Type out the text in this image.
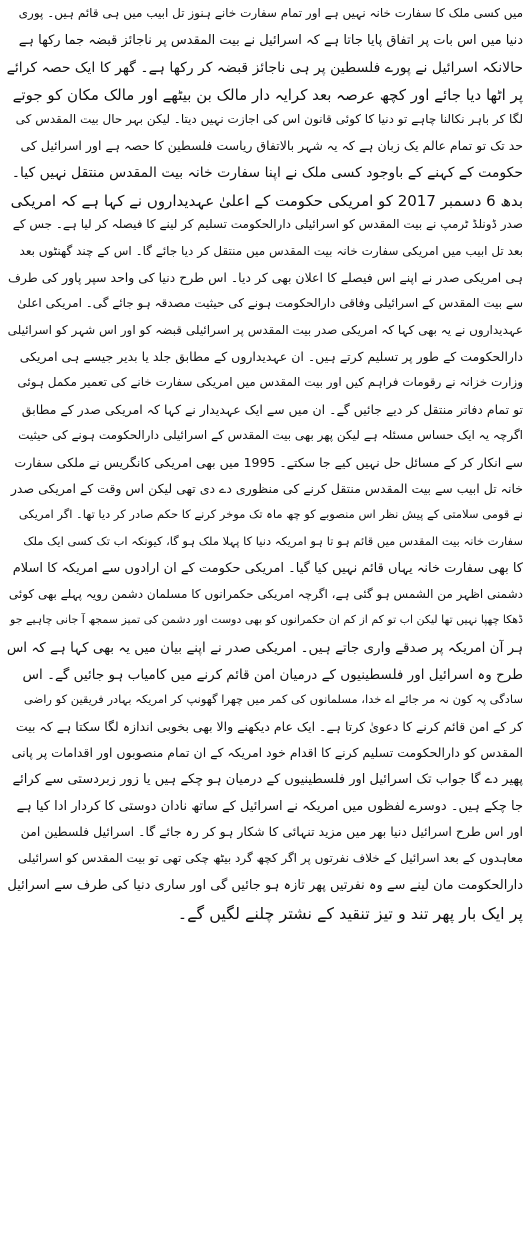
میں کسی ملک کا سفارت خانہ نہیں ہے اور تمام سفارت خانے ہنوز تل ابیب میں ہی قائم ہیں۔ پوری
دنیا میں اس بات پر اتفاق پایا جاتا ہے کہ اسرائیل نے بیت المقدس پر ناجائز قبضہ جما رکھا ہے
حالانکہ اسرائیل نے پورے فلسطین پر ہی ناجائز قبضہ کر رکھا ہے۔ گھر کا ایک حصہ کرائے
پر اٹھا دیا جائے اور کچھ عرصہ بعد کرایہ دار مالک بن بیٹھے اور مالک مکان کو جوتے
لگا کر باہر نکالنا چاہے تو دنیا کا کوئی قانون اس کی اجازت نہیں دیتا۔ لیکن بہر حال بیت المقدس کی
حد تک تو تمام عالم یک زبان ہے کہ یہ شہر بالاتفاق ریاست فلسطین کا حصہ ہے اور اسرائیل کی
حکومت کے کہنے کے باوجود کسی ملک نے اپنا سفارت خانہ بیت المقدس منتقل نہیں کیا۔
بدھ 6 دسمبر 2017 کو امریکی حکومت کے اعلیٰ عہدیداروں نے کہا ہے کہ امریکی
صدر ڈونلڈ ٹرمپ نے بیت المقدس کو اسرائیلی دارالحکومت تسلیم کر لینے کا فیصلہ کر لیا ہے۔ جس کے
بعد تل ابیب میں امریکی سفارت خانہ بیت المقدس میں منتقل کر دیا جائے گا۔ اس کے چند گھنٹوں بعد
ہی امریکی صدر نے اپنے اس فیصلے کا اعلان بھی کر دیا۔ اس طرح دنیا کی واحد سپر پاور کی طرف
سے بیت المقدس کے اسرائیلی وفاقی دارالحکومت ہونے کی حیثیت مصدقہ ہو جائے گی۔ امریکی اعلیٰ
عہدیداروں نے یہ بھی کہا کہ امریکی صدر بیت المقدس پر اسرائیلی قبضہ کو اور اس شہر کو اسرائیلی
دارالحکومت کے طور پر تسلیم کرتے ہیں۔ ان عہدیداروں کے مطابق جلد یا بدیر جیسے ہی امریکی
وزارت خزانہ نے رقومات فراہم کیں اور بیت المقدس میں امریکی سفارت خانے کی تعمیر مکمل ہوئی
تو تمام دفاتر منتقل کر دیے جائیں گے۔ ان میں سے ایک عہدیدار نے کہا کہ امریکی صدر کے مطابق
اگرچہ یہ ایک حساس مسئلہ ہے لیکن پھر بھی بیت المقدس کے اسرائیلی دارالحکومت ہونے کی حیثیت
سے انکار کر کے مسائل حل نہیں کیے جا سکتے۔ 1995 میں بھی امریکی کانگریس نے ملکی سفارت
خانہ تل ابیب سے بیت المقدس منتقل کرنے کی منظوری دے دی تھی لیکن اس وقت کے امریکی صدر
نے قومی سلامتی کے پیش نظر اس منصوبے کو چھ ماہ تک موخر کرنے کا حکم صادر کر دیا تھا۔ اگر امریکی
سفارت خانہ بیت المقدس میں قائم ہو تا ہو امریکہ دنیا کا پہلا ملک ہو گا، کیونکہ اب تک کسی ایک ملک
کا بھی سفارت خانہ یہاں قائم نہیں کیا گیا۔ امریکی حکومت کے ان ارادوں سے امریکہ کا اسلام
دشمنی اظہر من الشمس ہو گئی ہے، اگرچہ امریکی حکمرانوں کا مسلمان دشمن رویہ پہلے بھی کوئی
ڈھکا چھپا نہیں تھا لیکن اب تو کم از کم ان حکمرانوں کو بھی دوست اور دشمن کی تمیز سمجھ آ جانی چاہیے جو
ہر آن امریکہ پر صدقے واری جاتے ہیں۔ امریکی صدر نے اپنے بیان میں یہ بھی کہا ہے کہ اس
طرح وہ اسرائیل اور فلسطینیوں کے درمیان امن قائم کرنے میں کامیاب ہو جائیں گے۔ اس
سادگی پہ کون نہ مر جائے اے خدا، مسلمانوں کی کمر میں چھرا گھونپ کر امریکہ بہادر فریقین کو راضی
کر کے امن قائم کرنے کا دعویٰ کرتا ہے۔ ایک عام دیکھنے والا بھی بخوبی اندازہ لگا سکتا ہے کہ بیت
المقدس کو دارالحکومت تسلیم کرنے کا اقدام خود امریکہ کے ان تمام منصوبوں اور اقدامات پر پانی
پھیر دے گا جواب تک اسرائیل اور فلسطینیوں کے درمیان ہو چکے ہیں یا زور زبردستی سے کرائے
جا چکے ہیں۔ دوسرے لفظوں میں امریکہ نے اسرائیل کے ساتھ نادان دوستی کا کردار ادا کیا ہے
اور اس طرح اسرائیل دنیا بھر میں مزید تنہائی کا شکار ہو کر رہ جائے گا۔ اسرائیل فلسطین امن
معاہدوں کے بعد اسرائیل کے خلاف نفرتوں پر اگر کچھ گرد بیٹھ چکی تھی تو بیت المقدس کو اسرائیلی
دارالحکومت مان لینے سے وہ نفرتیں پھر تازہ ہو جائیں گی اور ساری دنیا کی طرف سے اسرائیل
پر ایک بار پھر تند و تیز تنقید کے نشتر چلنے لگیں گے۔
